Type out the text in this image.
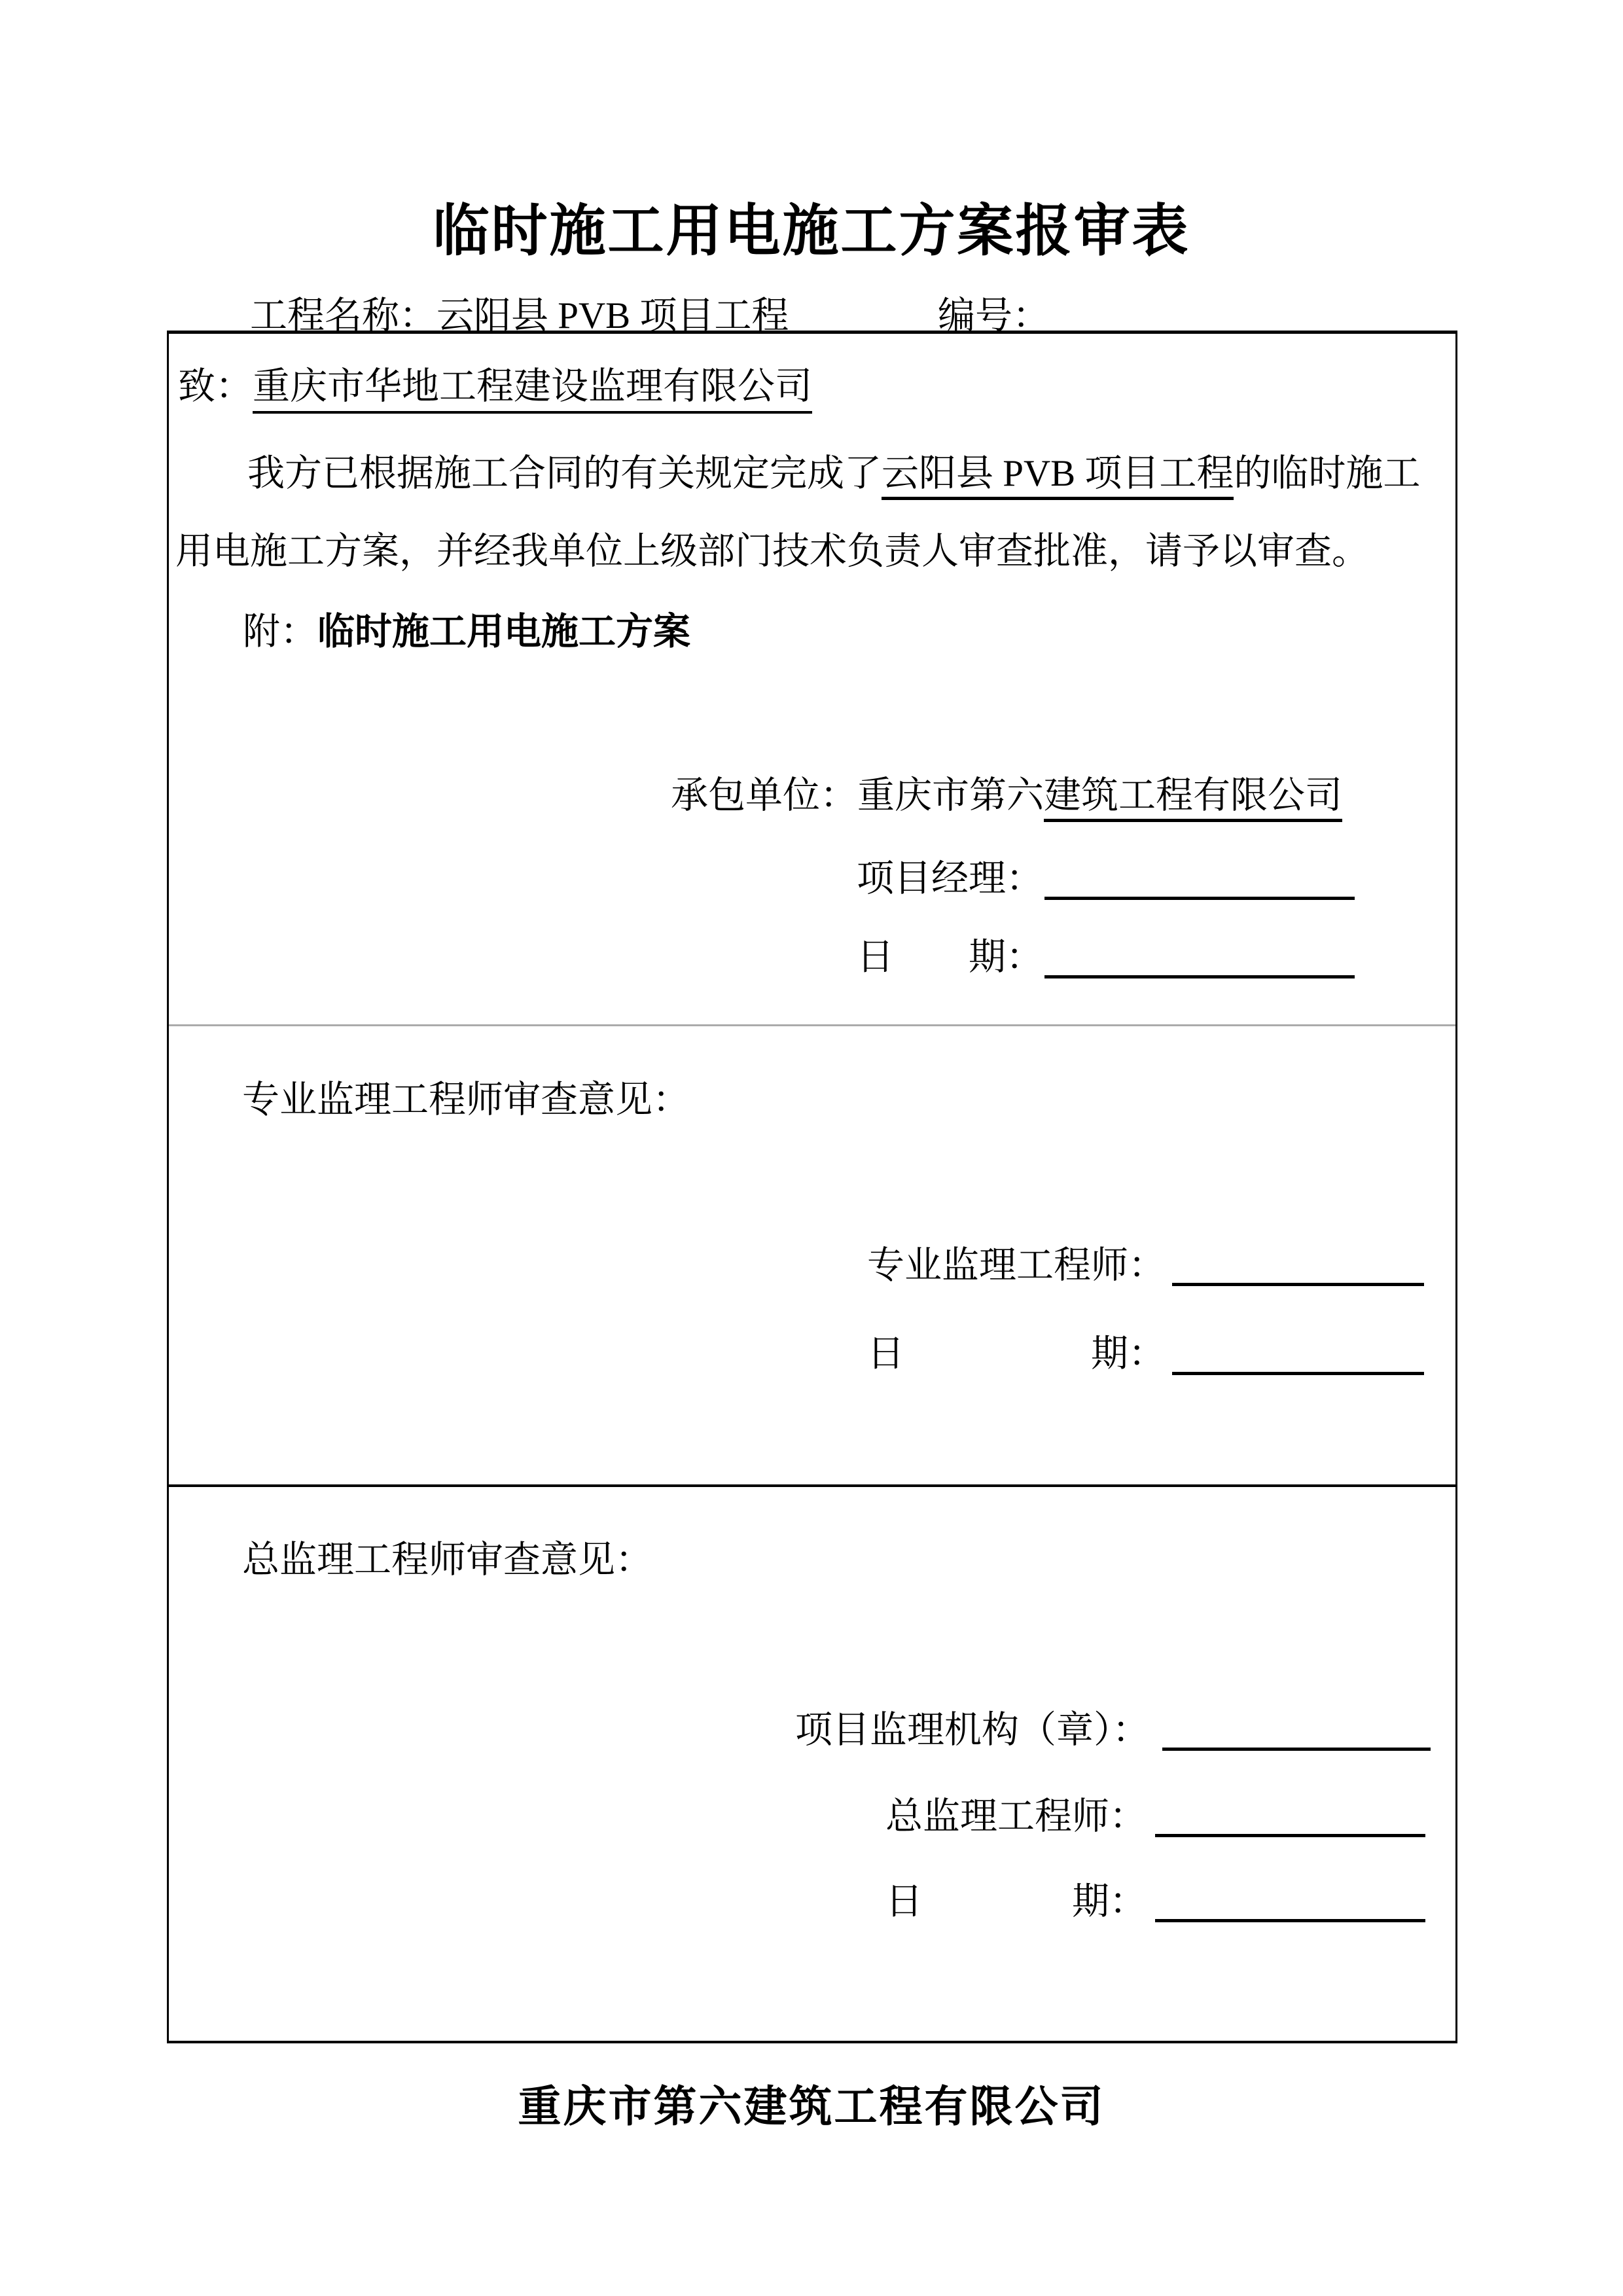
临时施工用电施工方案报审表
工程名称：云阳县 PVB 项目工程	编号：
致：重庆市华地工程建设监理有限公司
我方已根据施工合同的有关规定完成了云阳县 PVB 项目工程的临时施工
用电施工方案，并经我单位上级部门技术负责人审查批准，请予以审查。
附：临时施工用电施工方案
承包单位：重庆市第六建筑工程有限公司
项目经理：
日　　期：
专业监理工程师审查意见：
专业监理工程师：
日　　　　　期：
总监理工程师审查意见：
项目监理机构（章）：
总监理工程师：
日　　　　期：
重庆市第六建筑工程有限公司
